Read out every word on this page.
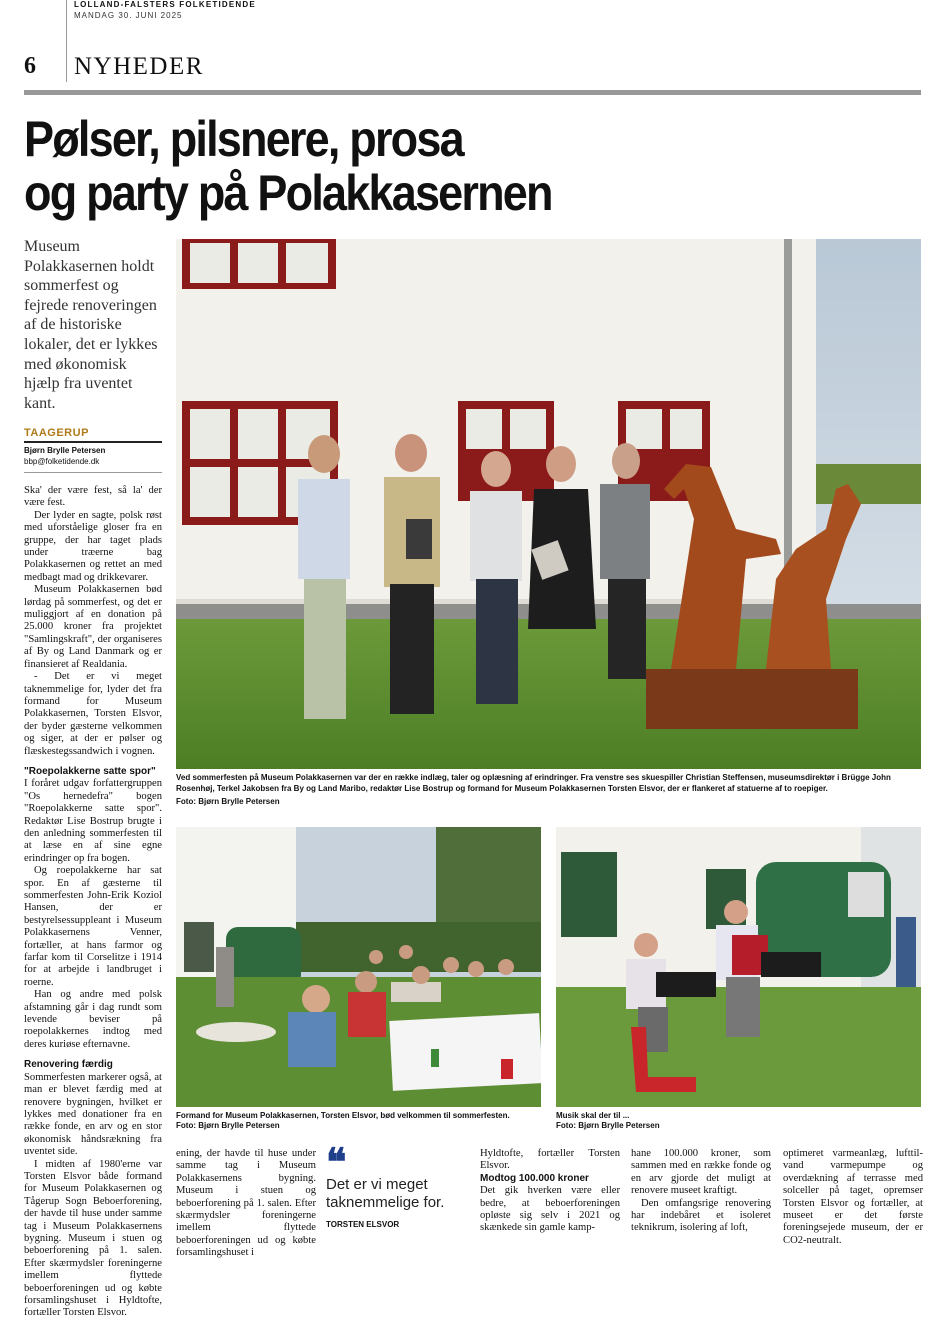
LOLLAND-FALSTERS FOLKETIDENDE
MANDAG 30. JUNI 2025
6 NYHEDER
Pølser, pilsnere, prosa
og party på Polakkasernen
Museum Polakkasernen holdt sommerfest og fejrede renoveringen af de historiske lokaler, det er lykkes med økonomisk hjælp fra uventet kant.
TAAGERUP
Bjørn Brylle Petersen
bbp@folketidende.dk

Ska' der være fest, så la' der være fest.

Der lyder en sagte, polsk røst med uforståelige gloser fra en gruppe, der har taget plads under træerne bag Polakkasernen og rettet an med medbagt mad og drikkevarer.

Museum Polakkasernen bød lørdag på sommerfest, og det er muliggjort af en donation på 25.000 kroner fra projektet "Samlingskraft", der organiseres af By og Land Danmark og er finansieret af Realdania.

- Det er vi meget taknemmelige for, lyder det fra formand for Museum Polakkasernen, Torsten Elsvor, der byder gæsterne velkommen og siger, at der er pølser og flæskestegssandwich i vognen.

"Roepolakkerne satte spor"

I foråret udgav forfattergruppen "Os hernedefra" bogen "Roepolakkerne satte spor". Redaktør Lise Bostrup brugte i den anledning sommerfesten til at læse en af sine egne erindringer op fra bogen.

Og roepolakkerne har sat spor. En af gæsterne til sommerfesten John-Erik Koziol Hansen, der er bestyrelsessuppleant i Museum Polakkasernens Venner, fortæller, at hans farmor og farfar kom til Corselitze i 1914 for at arbejde i landbruget i roerne.

Han og andre med polsk afstamning går i dag rundt som levende beviser på roepolakkernes indtog med deres kuriøse efternavne.

Renovering færdig

Sommerfesten markerer også, at man er blevet færdig med at renovere bygningen, hvilket er lykkes med donationer fra en række fonde, en arv og en stor økonomisk håndsrækning fra uventet side.

I midten af 1980'erne var Torsten Elsvor både formand for Museum Polakkasernen og Tågerup Sogn Beboerforening, der havde til huse under samme tag i Museum Polakkasernens bygning. Museum i stuen og beboerforening på 1. salen. Efter skærmydsler foreningerne imellem flyttede beboerforeningen ud og købte forsamlingshuset i Hyldtofte, fortæller Torsten Elsvor.

Ved sommerfesten på Museum Polakkasernen var der en række indlæg, taler og oplæsning af erindringer. Fra venstre ses skuespiller Christian Steffensen, museumsdirektør i Brügge John Rosenhøj, Terkel Jakobsen fra By og Land Maribo, redaktør Lise Bostrup og formand for Museum Polakkasernen Torsten Elsvor, der er flankeret af statuerne af to roepiger.
Foto: Bjørn Brylle Petersen
Formand for Museum Polakkasernen, Torsten Elsvor, bød velkommen til sommerfesten.
Foto: Bjørn Brylle Petersen
Musik skal der til ...
Foto: Bjørn Brylle Petersen

ening, der havde til huse under samme tag i Museum Polakkasernens bygning. Museum i stuen og beboerforening på 1. salen. Efter skærmydsler foreningerne imellem flyttede beboerforeningen ud og købte forsamlingshuset i

❝
Det er vi meget taknemmelige for.
TORSTEN ELSVOR

Hyldtofte, fortæller Torsten Elsvor.

Modtog 100.000 kroner

Det gik hverken være eller bedre, at beboerforeningen opløste sig selv i 2021 og skænkede sin gamle kamp-

hane 100.000 kroner, som sammen med en række fonde og en arv gjorde det muligt at renovere museet kraftigt.

Den omfangsrige renovering har indebåret et isoleret teknikrum, isolering af loft,

optimeret varmeanlæg, lufttil-vand varmepumpe og overdækning af terrasse med solceller på taget, opremser Torsten Elsvor og fortæller, at museet er det første foreningsejede museum, der er CO2-neutralt.
